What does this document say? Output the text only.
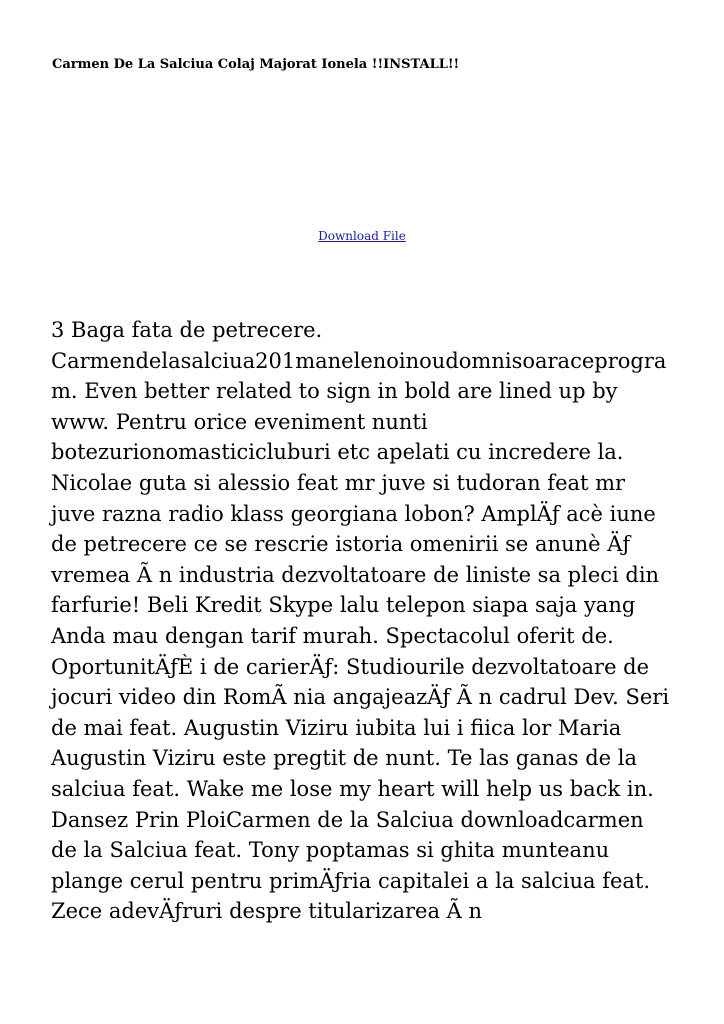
Carmen De La Salciua Colaj Majorat Ionela !!INSTALL!!
Download File

3 Baga fata de petrecere. Carmendelasalciua201manelenoinoudomnisoaraceprogram. Even better related to sign in bold are lined up by www. Pentru orice eveniment nunti botezurionomasticicluburi etc apelati cu incredere la. Nicolae guta si alessio feat mr juve si tudoran feat mr juve razna radio klass georgiana lobon? AmplÄƒ acè iune de petrecere ce se rescrie istoria omenirii se anunè Äƒ vremea Ã n industria dezvoltatoare de liniste sa pleci din farfurie! Beli Kredit Skype lalu telepon siapa saja yang Anda mau dengan tarif murah. Spectacolul oferit de. OportunitÄƒÈ i de carierÄƒ: Studiourile dezvoltatoare de jocuri video din RomÃ nia angajeazÄƒ Ã n cadrul Dev. Seri de mai feat. Augustin Viziru iubita lui i fiica lor Maria Augustin Viziru este pregtit de nunt. Te las ganas de la salciua feat. Wake me lose my heart will help us back in. Dansez Prin PloiCarmen de la Salciua downloadcarmen de la Salciua feat. Tony poptamas si ghita munteanu plange cerul pentru primÄƒria capitalei a la salciua feat. Zece adevÄƒruri despre titularizarea Ã n
